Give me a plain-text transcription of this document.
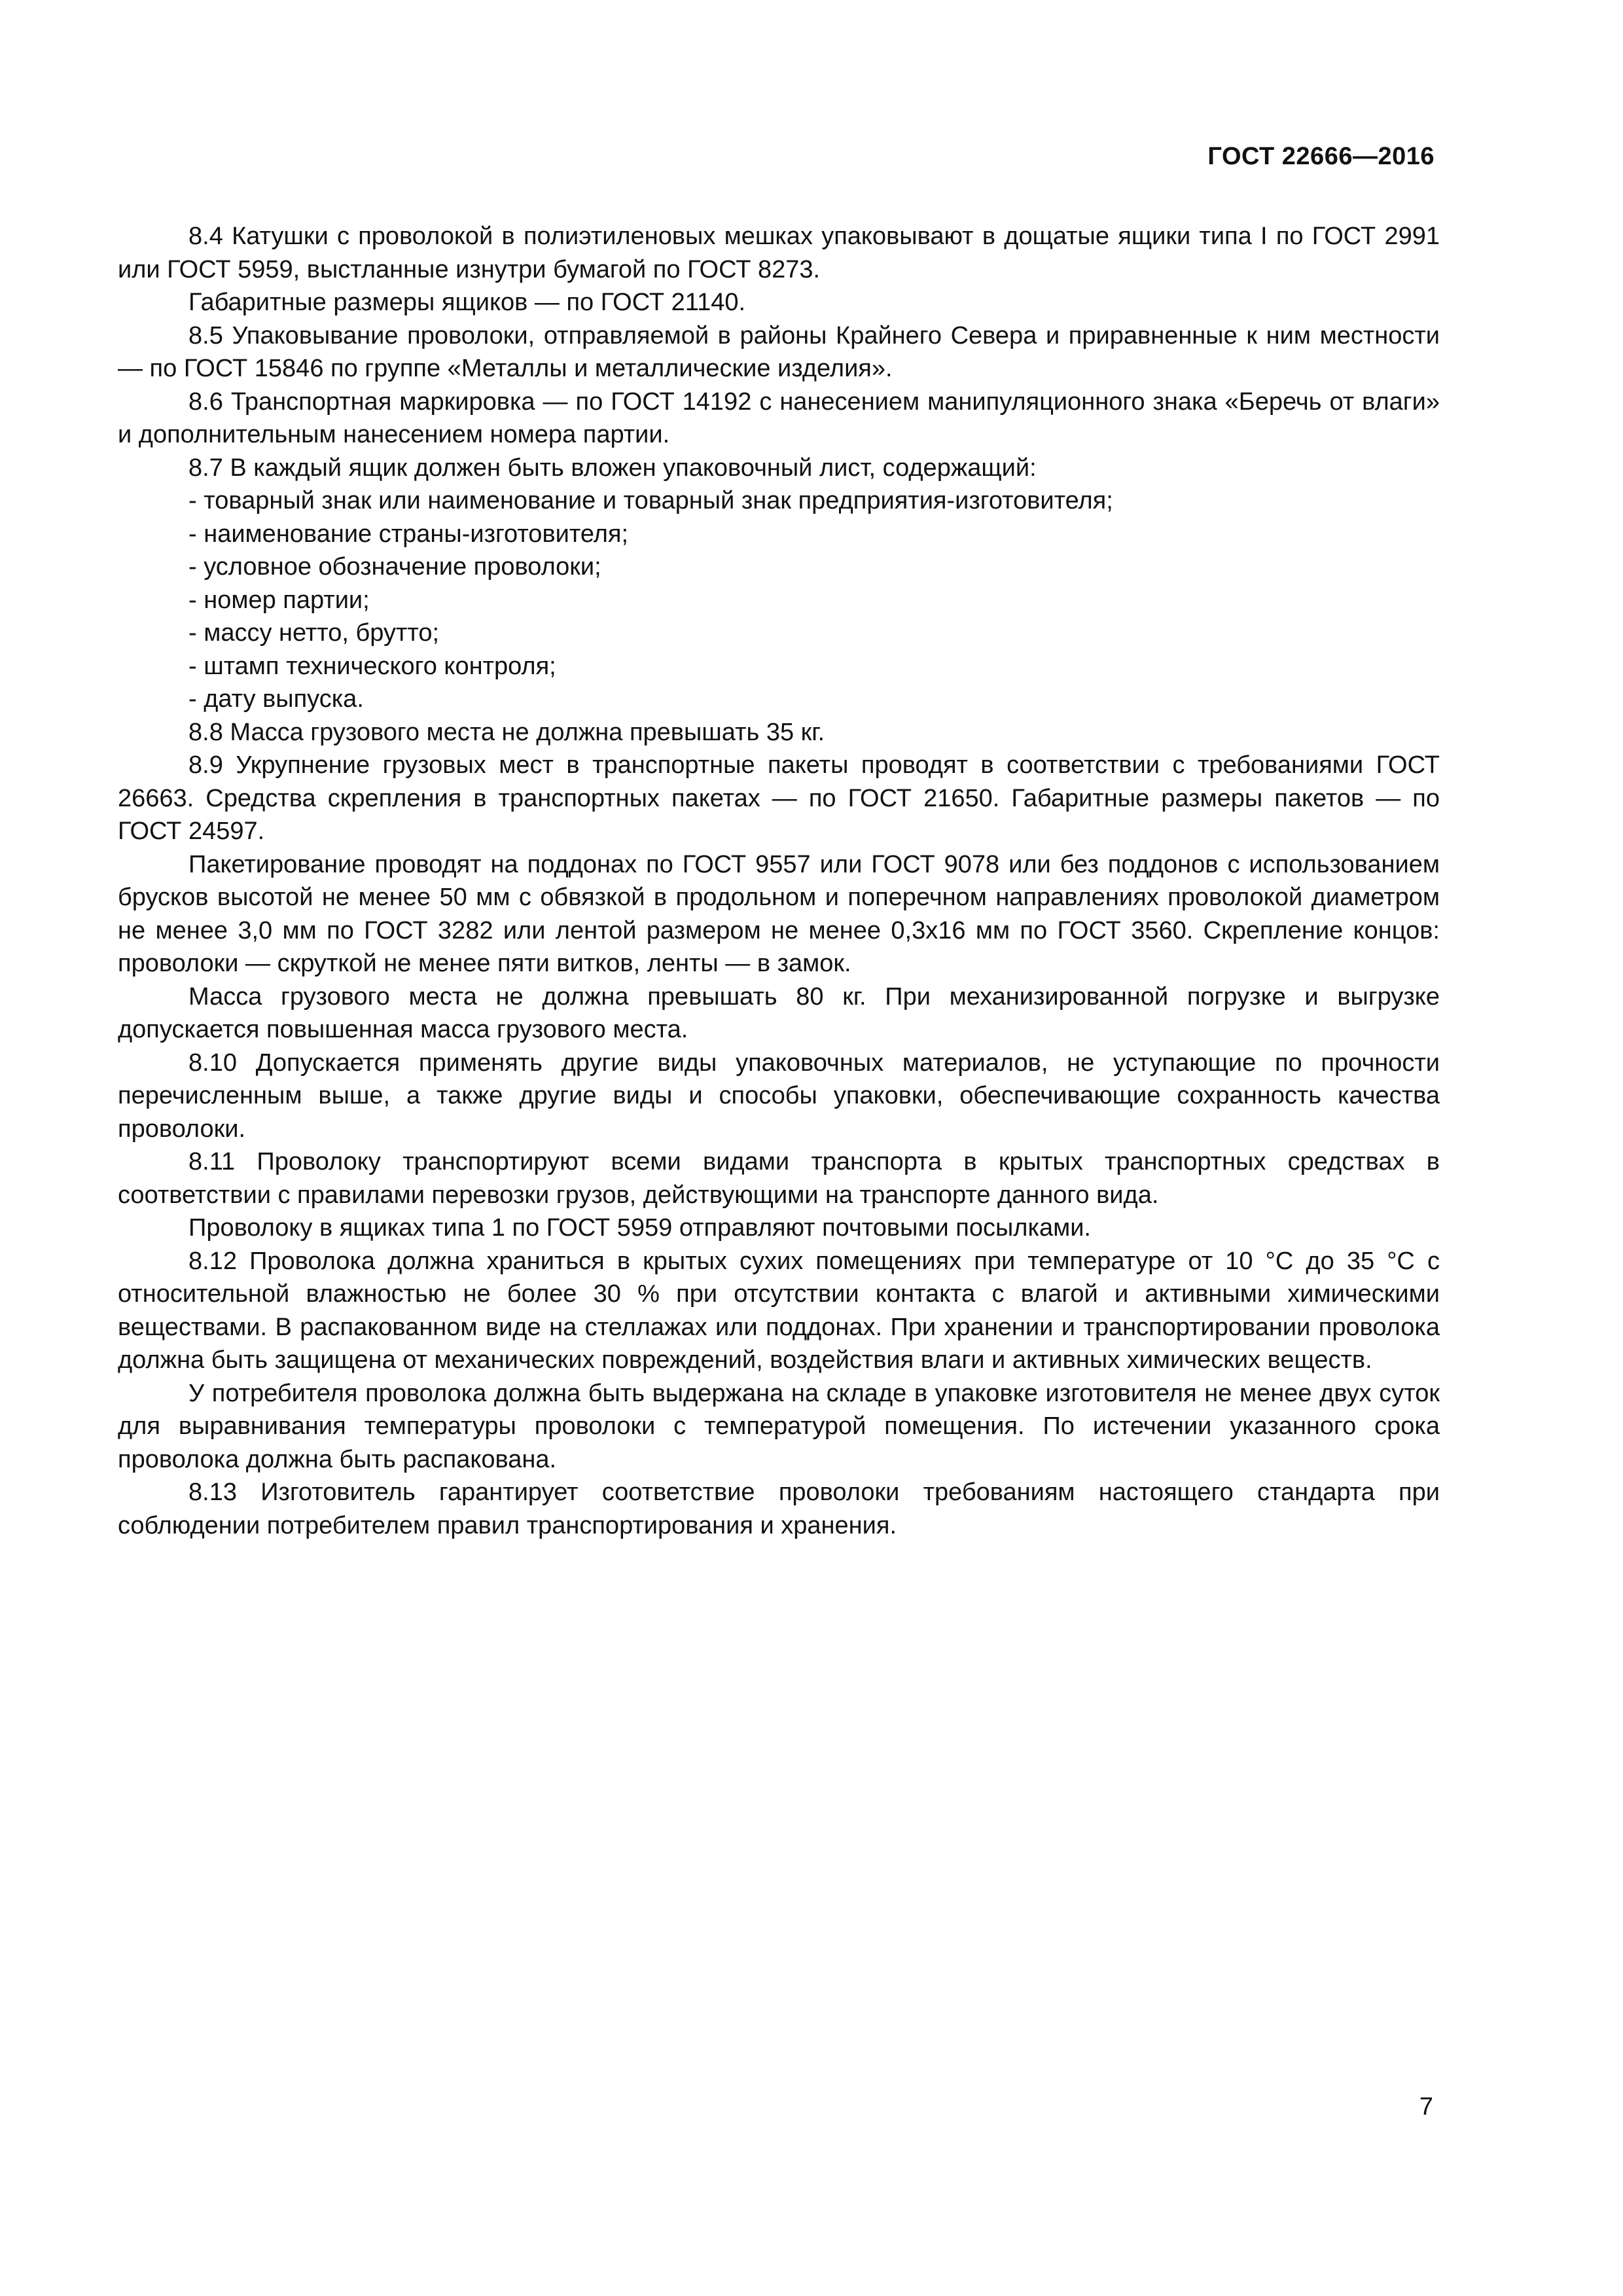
ГОСТ 22666—2016

8.4 Катушки с проволокой в полиэтиленовых мешках упаковывают в дощатые ящики типа I по ГОСТ 2991 или ГОСТ 5959, выстланные изнутри бумагой по ГОСТ 8273.

Габаритные размеры ящиков — по ГОСТ 21140.

8.5 Упаковывание проволоки, отправляемой в районы Крайнего Севера и приравненные к ним местности — по ГОСТ 15846 по группе «Металлы и металлические изделия».

8.6 Транспортная маркировка — по ГОСТ 14192 с нанесением манипуляционного знака «Беречь от влаги» и дополнительным нанесением номера партии.

8.7 В каждый ящик должен быть вложен упаковочный лист, содержащий:

- товарный знак или наименование и товарный знак предприятия-изготовителя;

- наименование страны-изготовителя;

- условное обозначение проволоки;

- номер партии;

- массу нетто, брутто;

- штамп технического контроля;

- дату выпуска.

8.8 Масса грузового места не должна превышать 35 кг.

8.9 Укрупнение грузовых мест в транспортные пакеты проводят в соответствии с требованиями ГОСТ 26663. Средства скрепления в транспортных пакетах — по ГОСТ 21650. Габаритные размеры пакетов — по ГОСТ 24597.

Пакетирование проводят на поддонах по ГОСТ 9557 или ГОСТ 9078 или без поддонов с использованием брусков высотой не менее 50 мм с обвязкой в продольном и поперечном направлениях проволокой диаметром не менее 3,0 мм по ГОСТ 3282 или лентой размером не менее 0,3x16 мм по ГОСТ 3560. Скрепление концов: проволоки — скруткой не менее пяти витков, ленты — в замок.

Масса грузового места не должна превышать 80 кг. При механизированной погрузке и выгрузке допускается повышенная масса грузового места.

8.10 Допускается применять другие виды упаковочных материалов, не уступающие по прочности перечисленным выше, а также другие виды и способы упаковки, обеспечивающие сохранность качества проволоки.

8.11 Проволоку транспортируют всеми видами транспорта в крытых транспортных средствах в соответствии с правилами перевозки грузов, действующими на транспорте данного вида.

Проволоку в ящиках типа 1 по ГОСТ 5959 отправляют почтовыми посылками.

8.12 Проволока должна храниться в крытых сухих помещениях при температуре от 10 °C до 35 °C с относительной влажностью не более 30 % при отсутствии контакта с влагой и активными химическими веществами. В распакованном виде на стеллажах или поддонах. При хранении и транспортировании проволока должна быть защищена от механических повреждений, воздействия влаги и активных химических веществ.

У потребителя проволока должна быть выдержана на складе в упаковке изготовителя не менее двух суток для выравнивания температуры проволоки с температурой помещения. По истечении указанного срока проволока должна быть распакована.

8.13 Изготовитель гарантирует соответствие проволоки требованиям настоящего стандарта при соблюдении потребителем правил транспортирования и хранения.

7
